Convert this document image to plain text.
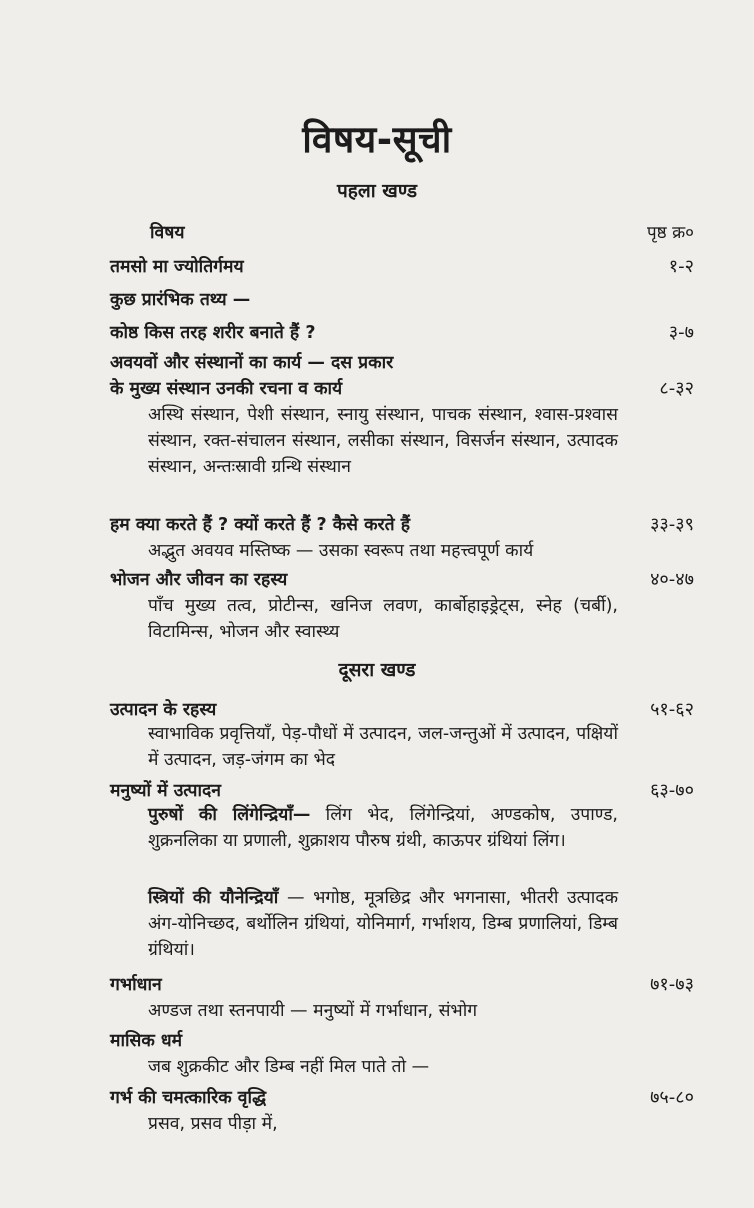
विषय-सूची
पहला खण्ड
विषय	पृष्ठ क्र०
तमसो मा ज्योतिर्गमय	१-२
कुछ प्रारंभिक तथ्य —
कोष्ठ किस तरह शरीर बनाते हैं ?	३-७
अवयवों और संस्थानों का कार्य — दस प्रकार
के मुख्य संस्थान उनकी रचना व कार्य	८-३२
अस्थि संस्थान, पेशी संस्थान, स्नायु संस्थान, पाचक संस्थान, श्वास-प्रश्वास संस्थान, रक्त-संचालन संस्थान, लसीका संस्थान, विसर्जन संस्थान, उत्पादक संस्थान, अन्तःस्रावी ग्रन्थि संस्थान
हम क्या करते हैं ? क्यों करते हैं ? कैसे करते हैं	३३-३९
अद्भुत अवयव मस्तिष्क — उसका स्वरूप तथा महत्त्वपूर्ण कार्य
भोजन और जीवन का रहस्य	४०-४७
पाँच मुख्य तत्व, प्रोटीन्स, खनिज लवण, कार्बोहाइड्रेट्स, स्नेह (चर्बी), विटामिन्स, भोजन और स्वास्थ्य
दूसरा खण्ड
उत्पादन के रहस्य	५१-६२
स्वाभाविक प्रवृत्तियाँ, पेड़-पौधों में उत्पादन, जल-जन्तुओं में उत्पादन, पक्षियों में उत्पादन, जड़-जंगम का भेद
मनुष्यों में उत्पादन	६३-७०
पुरुषों की लिंगेन्द्रियाँ— लिंग भेद, लिंगेन्द्रियां, अण्डकोष, उपाण्ड, शुक्रनलिका या प्रणाली, शुक्राशय पौरुष ग्रंथी, काऊपर ग्रंथियां लिंग।
स्त्रियों की यौनेन्द्रियाँ — भगोष्ठ, मूत्रछिद्र और भगनासा, भीतरी उत्पादक अंग-योनिच्छद, बर्थोलिन ग्रंथियां, योनिमार्ग, गर्भाशय, डिम्ब प्रणालियां, डिम्ब ग्रंथियां।
गर्भाधान	७१-७३
अण्डज तथा स्तनपायी — मनुष्यों में गर्भाधान, संभोग
मासिक धर्म
जब शुक्रकीट और डिम्ब नहीं मिल पाते तो —
गर्भ की चमत्कारिक वृद्धि	७५-८०
प्रसव, प्रसव पीड़ा में,
